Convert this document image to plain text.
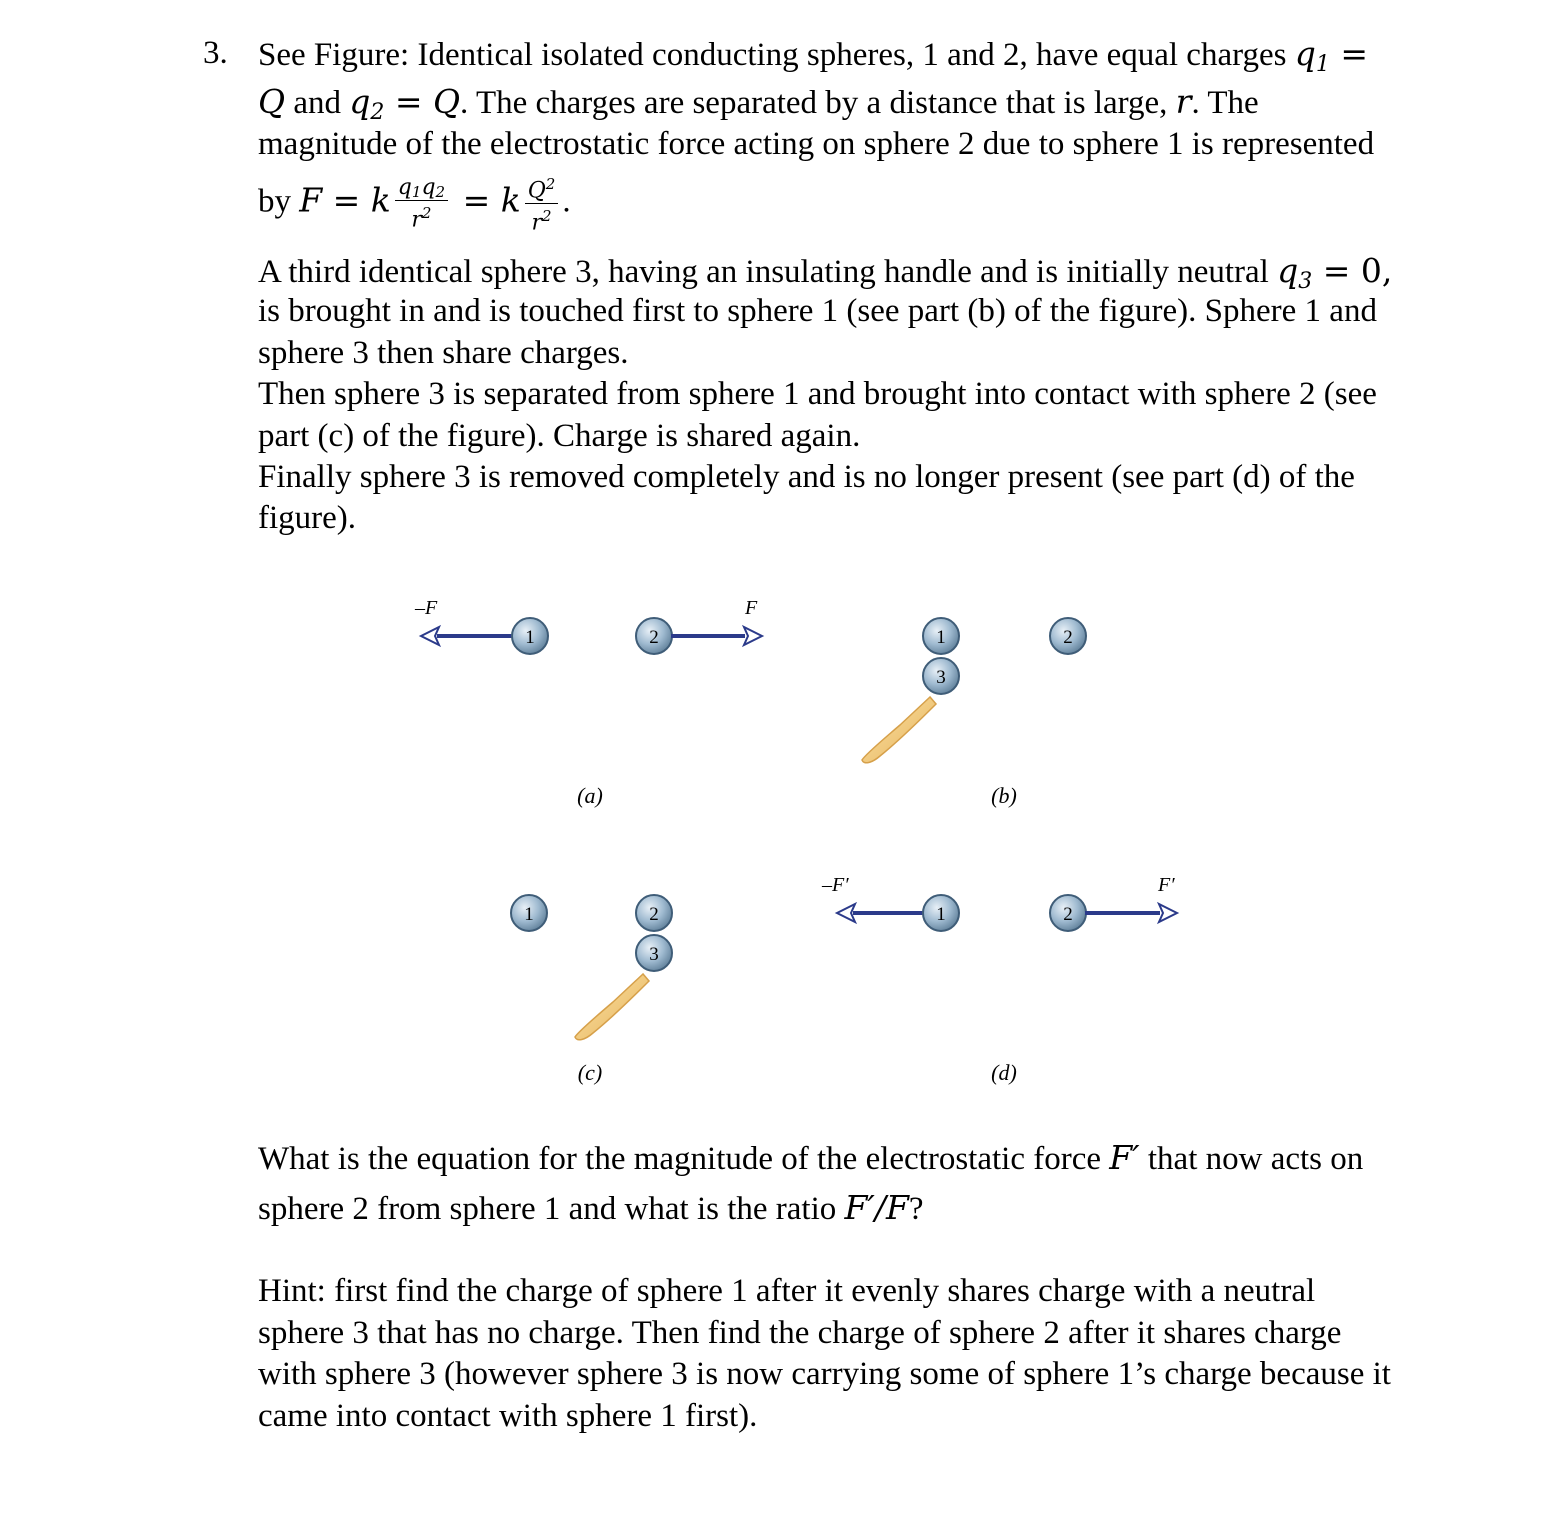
3. See Figure: Identical isolated conducting spheres, 1 and 2, have equal charges $q_1$ =
Q and $q_2 = Q$. The charges are separated by a distance that is large, r. The
magnitude of the electrostatic force acting on sphere 2 due to sphere 1 is represented
by F = k $\frac{q_1q_2}{r^2} = k \frac{Q^2}{r^2}$ .
A third identical sphere 3, having an insulating handle and is initially neutral $q_3 = 0$,
is brought in and is touched first to sphere 1 (see part (b) of the figure). Sphere 1 and
sphere 3 then share charges.
Then sphere 3 is separated from sphere 1 and brought into contact with sphere 2 (see
part (c) of the figure). Charge is shared again.
Finally sphere 3 is removed completely and is no longer present (see part (d) of the
figure).
–F
1	2
F
(a)
1
3
2
(b)
1	2
3
(c)
–F′
1	2
F′
(d)
What is the equation for the magnitude of the electrostatic force F′ that now acts on
sphere 2 from sphere 1 and what is the ratio F′/F?
Hint: first find the charge of sphere 1 after it evenly shares charge with a neutral
sphere 3 that has no charge. Then find the charge of sphere 2 after it shares charge
with sphere 3 (however sphere 3 is now carrying some of sphere 1’s charge because it
came into contact with sphere 1 first).
